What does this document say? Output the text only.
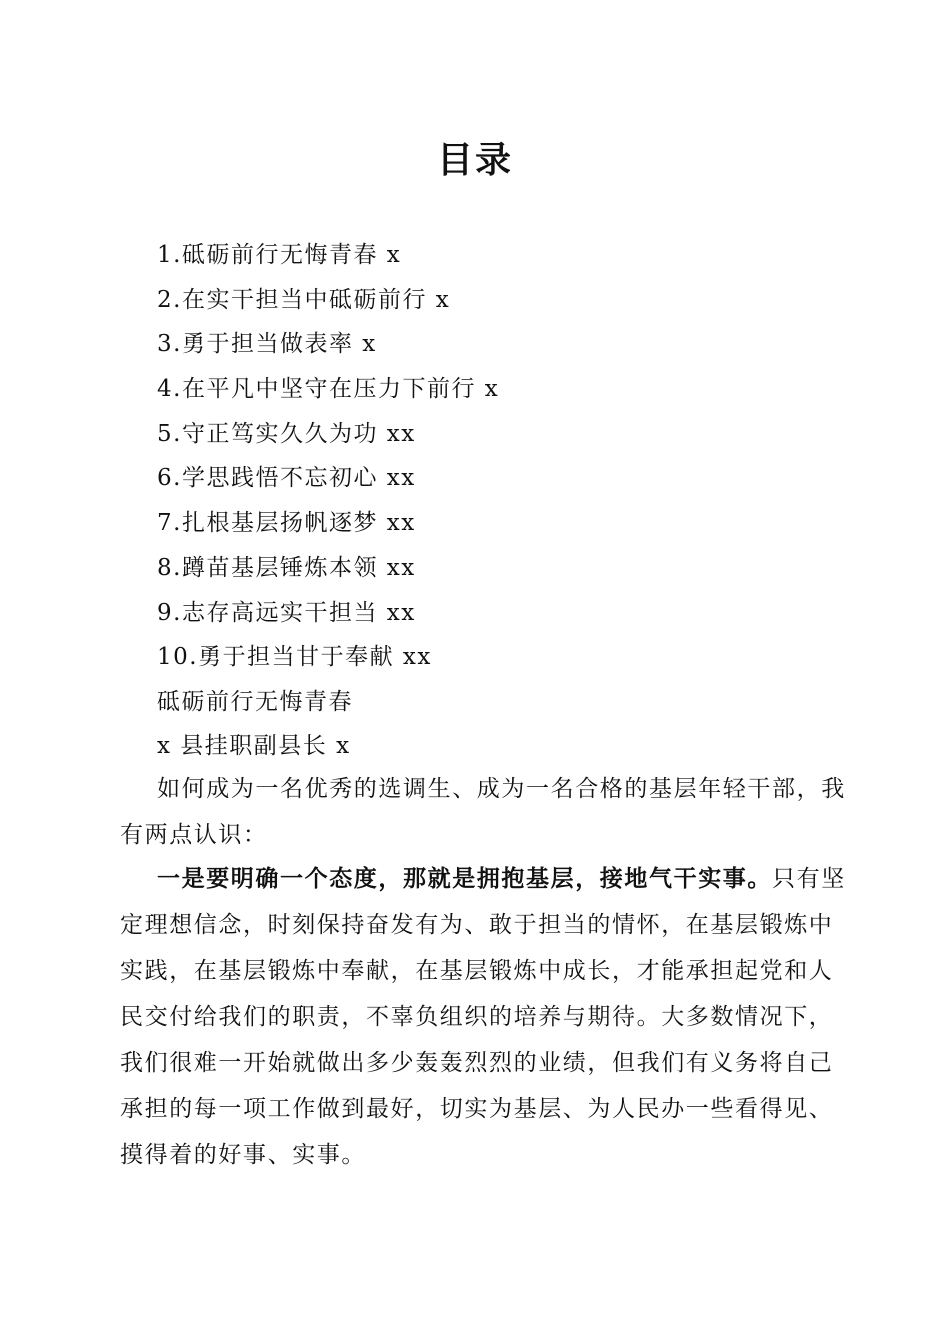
目录
1.砥砺前行无悔青春 x
2.在实干担当中砥砺前行 x
3.勇于担当做表率 x
4.在平凡中坚守在压力下前行 x
5.守正笃实久久为功 xx
6.学思践悟不忘初心 xx
7.扎根基层扬帆逐梦 xx
8.蹲苗基层锤炼本领 xx
9.志存高远实干担当 xx
10.勇于担当甘于奉献 xx
砥砺前行无悔青春
x 县挂职副县长 x

如何成为一名优秀的选调生、成为一名合格的基层年轻干部，我有两点认识：

一是要明确一个态度，那就是拥抱基层，接地气干实事。只有坚定理想信念，时刻保持奋发有为、敢于担当的情怀，在基层锻炼中实践，在基层锻炼中奉献，在基层锻炼中成长，才能承担起党和人民交付给我们的职责，不辜负组织的培养与期待。大多数情况下，我们很难一开始就做出多少轰轰烈烈的业绩，但我们有义务将自己承担的每一项工作做到最好，切实为基层、为人民办一些看得见、摸得着的好事、实事。
